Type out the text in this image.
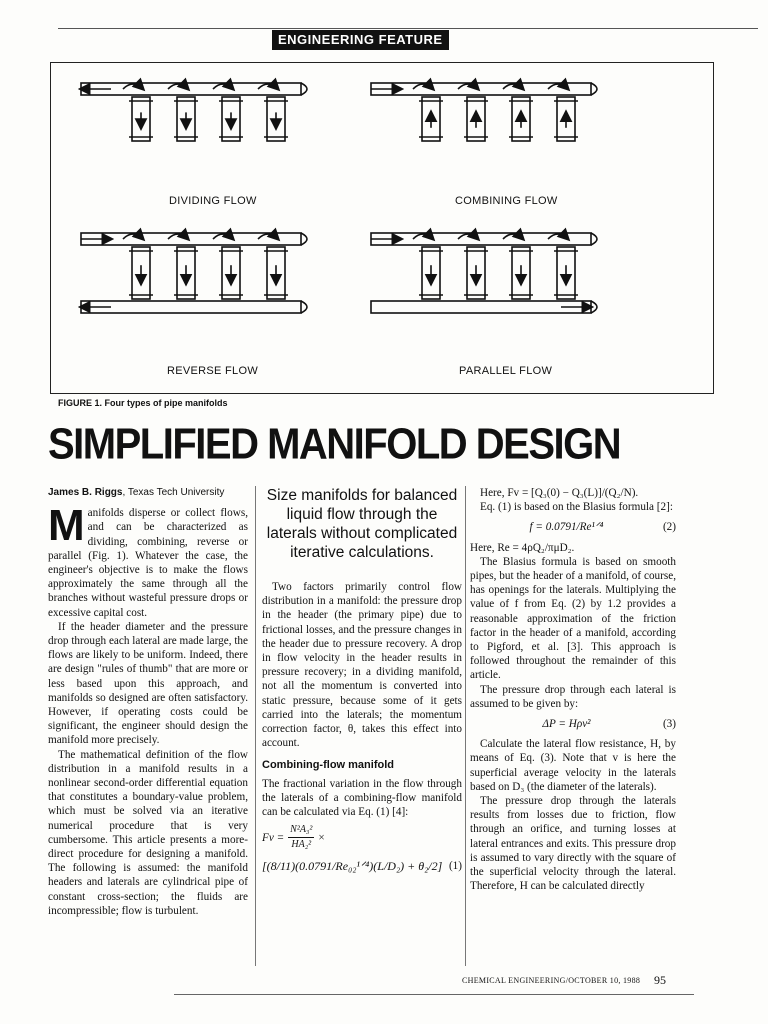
ENGINEERING FEATURE
DIVIDING FLOW	COMBINING FLOW
REVERSE FLOW	PARALLEL FLOW
FIGURE 1. Four types of pipe manifolds
SIMPLIFIED MANIFOLD DESIGN
James B. Riggs, Texas Tech University
M anifolds disperse or collect flows, and can be characterized as dividing, combining, reverse or parallel (Fig. 1). Whatever the case, the engineer's objective is to make the flows approximately the same through all the branches without wasteful pressure drops or excessive capital cost.

If the header diameter and the pressure drop through each lateral are made large, the flows are likely to be uniform. Indeed, there are design "rules of thumb" that are more or less based upon this approach, and manifolds so designed are often satisfactory. However, if operating costs could be significant, the engineer should design the manifold more precisely.

The mathematical definition of the flow distribution in a manifold results in a nonlinear second-order differential equation that constitutes a boundary-value problem, which must be solved via an iterative numerical procedure that is very cumbersome. This article presents a more-direct procedure for designing a manifold. The following is assumed: the manifold headers and laterals are cylindrical pipe of constant cross-section; the fluids are incompressible; flow is turbulent.

Size manifolds for balanced liquid flow through the laterals without complicated iterative calculations.

Two factors primarily control flow distribution in a manifold: the pressure drop in the header (the primary pipe) due to frictional losses, and the pressure changes in the header due to pressure recovery. A drop in flow velocity in the header results in pressure recovery; in a dividing manifold, not all the momentum is converted into static pressure, because some of it gets carried into the laterals; the momentum correction factor, θ, takes this effect into account.

Combining-flow manifold

The fractional variation in the flow through the laterals of a combining-flow manifold can be calculated via Eq. (1) [4]:

$Fv = \frac{\text{N²A₃²}}{\text{HA₂²}}$ ×
[(8/11)(0.0791/Re₀₂¹ᐟ⁴)(L/D₂) + θ₂/2] (1)

Here, Fv = [Q₃(0) − Q₃(L)]/(Q₂/N).

Eq. (1) is based on the Blasius formula [2]:

f = 0.0791/Re¹ᐟ⁴	(2)

Here, Re = 4ρQ₂/πμD₂.

The Blasius formula is based on smooth pipes, but the header of a manifold, of course, has openings for the laterals. Multiplying the value of f from Eq. (2) by 1.2 provides a reasonable approximation of the friction factor in the header of a manifold, according to Pigford, et al. [3]. This approach is followed throughout the remainder of this article.

The pressure drop through each lateral is assumed to be given by:

ΔP = Hρv²	(3)

Calculate the lateral flow resistance, H, by means of Eq. (3). Note that v is here the superficial average velocity in the laterals based on D₃ (the diameter of the laterals).

The pressure drop through the laterals results from losses due to friction, flow through an orifice, and turning losses at lateral entrances and exits. This pressure drop is assumed to vary directly with the square of the superficial velocity through the lateral. Therefore, H can be calculated directly

CHEMICAL ENGINEERING/OCTOBER 10, 1988 95
